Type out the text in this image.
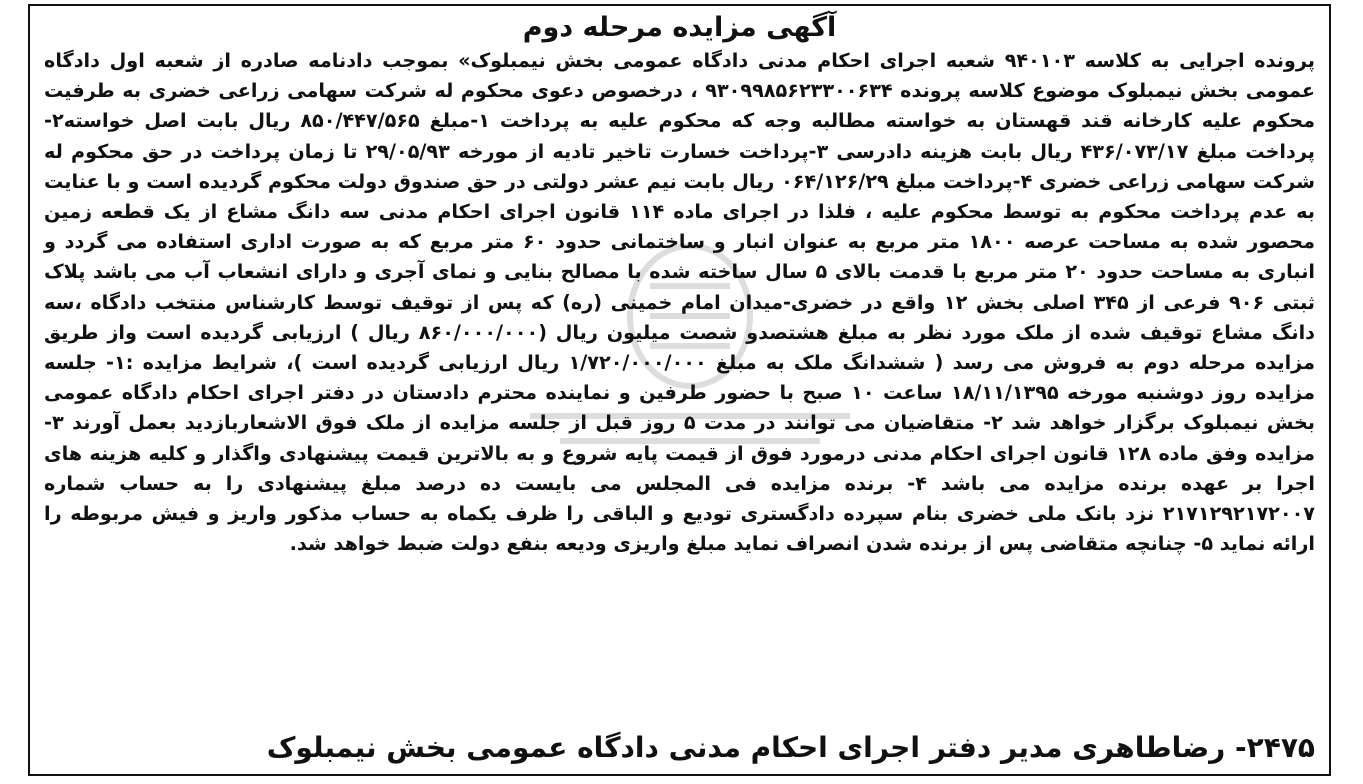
آگهی مزایده مرحله دوم
پرونده اجرایی به کلاسه ۹۴۰۱۰۳ شعبه اجرای احکام مدنی دادگاه عمومی بخش نیمبلوک» بموجب دادنامه صادره از شعبه اول دادگاه عمومی بخش نیمبلوک موضوع کلاسه پرونده ۹۳۰۹۹۸۵۶۲۳۳۰۰۶۳۴ ، درخصوص دعوی محکوم له شرکت سهامی زراعی خضری به طرفیت محکوم علیه کارخانه قند قهستان به خواسته مطالبه وجه که محکوم علیه به پرداخت ۱-مبلغ ۸۵۰/۴۴۷/۵۶۵ ریال بابت اصل خواسته۲- پرداخت مبلغ ۴۳۶/۰۷۳/۱۷ ریال بابت هزینه دادرسی ۳-پرداخت خسارت تاخیر تادیه از مورخه ۲۹/۰۵/۹۳ تا زمان پرداخت در حق محکوم له شرکت سهامی زراعی خضری ۴-پرداخت مبلغ ۰۶۴/۱۲۶/۲۹ ریال بابت نیم عشر دولتی در حق صندوق دولت محکوم گردیده است و با عنایت به عدم پرداخت محکوم به توسط محکوم علیه ، فلذا در اجرای ماده ۱۱۴ قانون اجرای احکام مدنی سه دانگ مشاع از یک قطعه زمین محصور شده به مساحت عرصه ۱۸۰۰ متر مربع به عنوان انبار و ساختمانی حدود ۶۰ متر مربع که به صورت اداری استفاده می گردد و انباری به مساحت حدود ۲۰ متر مربع با قدمت بالای ۵ سال ساخته شده با مصالح بنایی و نمای آجری و دارای انشعاب آب می باشد پلاک ثبتی ۹۰۶ فرعی از ۳۴۵ اصلی بخش ۱۲ واقع در خضری-میدان امام خمینی (ره) که پس از توقیف توسط کارشناس منتخب دادگاه ،سه دانگ مشاع توقیف شده از ملک مورد نظر به مبلغ هشتصدو شصت میلیون ریال (۸۶۰/۰۰۰/۰۰۰ ریال ) ارزیابی گردیده است واز طریق مزایده مرحله دوم به فروش می رسد ( ششدانگ ملک به مبلغ ۱/۷۲۰/۰۰۰/۰۰۰ ریال ارزیابی گردیده است )، شرایط مزایده :۱- جلسه مزایده روز دوشنبه مورخه ۱۸/۱۱/۱۳۹۵ ساعت ۱۰ صبح با حضور طرفین و نماینده محترم دادستان در دفتر اجرای احکام دادگاه عمومی بخش نیمبلوک برگزار خواهد شد ۲- متقاضیان می توانند در مدت ۵ روز قبل از جلسه مزایده از ملک فوق الاشعاربازدید بعمل آورند ۳- مزایده وفق ماده ۱۲۸ قانون اجرای احکام مدنی درمورد فوق از قیمت پایه شروع و به بالاترین قیمت پیشنهادی واگذار و کلیه هزینه های اجرا بر عهده برنده مزایده می باشد ۴- برنده مزایده فی المجلس می بایست ده درصد مبلغ پیشنهادی را به حساب شماره ۲۱۷۱۲۹۲۱۷۲۰۰۷ نزد بانک ملی خضری بنام سپرده دادگستری تودیع و الباقی را ظرف یکماه به حساب مذکور واریز و فیش مربوطه را ارائه نماید ۵- چنانچه متقاضی پس از برنده شدن انصراف نماید مبلغ واریزی ودیعه بنفع دولت ضبط خواهد شد.
۲۴۷۵- رضاطاهری مدیر دفتر اجرای احکام مدنی دادگاه عمومی بخش نیمبلوک
